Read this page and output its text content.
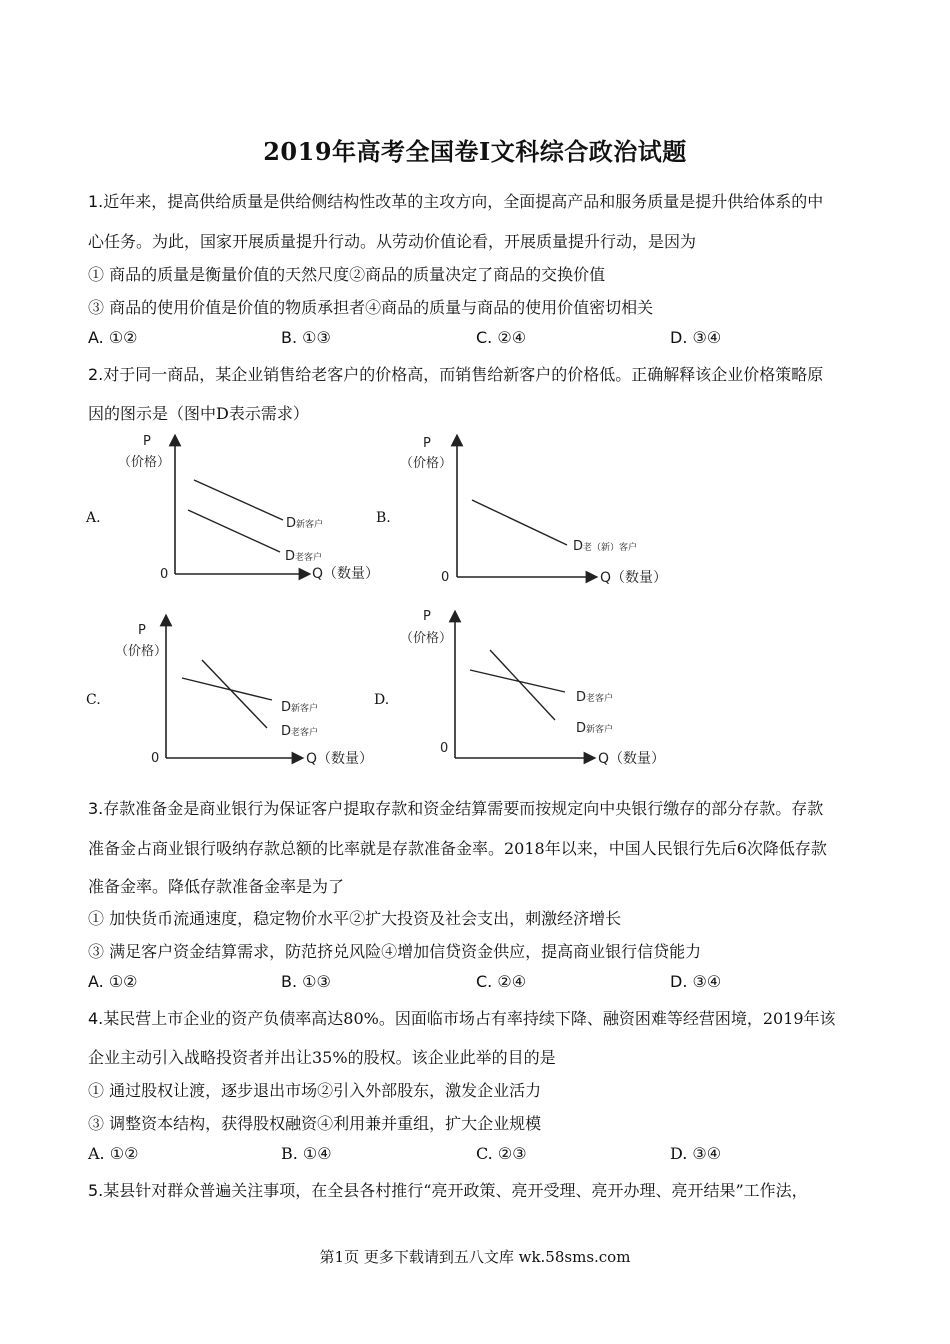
2019年高考全国卷Ⅰ文科综合政治试题
1.近年来，提高供给质量是供给侧结构性改革的主攻方向，全面提高产品和服务质量是提升供给体系的中
心任务。为此，国家开展质量提升行动。从劳动价值论看，开展质量提升行动，是因为
① 商品的质量是衡量价值的天然尺度②商品的质量决定了商品的交换价值
③ 商品的使用价值是价值的物质承担者④商品的质量与商品的使用价值密切相关
A. ①②	B. ①③	C. ②④	D. ③④
2.对于同一商品，某企业销售给老客户的价格高，而销售给新客户的价格低。正确解释该企业价格策略原
因的图示是（图中D表示需求）
A.	B.
C.	D.
P
（价格）
0	Q（数量）
D新客户
D老客户
P
（价格）
0	Q（数量）
D老（新）客户
P
（价格）
0	Q（数量）
D新客户
D老客户
P
（价格）
0
Q（数量）
D老客户
D新客户
3.存款准备金是商业银行为保证客户提取存款和资金结算需要而按规定向中央银行缴存的部分存款。存款
准备金占商业银行吸纳存款总额的比率就是存款准备金率。2018年以来，中国人民银行先后6次降低存款
准备金率。降低存款准备金率是为了
① 加快货币流通速度，稳定物价水平②扩大投资及社会支出，刺激经济增长
③ 满足客户资金结算需求，防范挤兑风险④增加信贷资金供应，提高商业银行信贷能力
A. ①②	B. ①③	C. ②④	D. ③④
4.某民营上市企业的资产负债率高达80%。因面临市场占有率持续下降、融资困难等经营困境，2019年该
企业主动引入战略投资者并出让35%的股权。该企业此举的目的是
① 通过股权让渡，逐步退出市场②引入外部股东，激发企业活力
③ 调整资本结构，获得股权融资④利用兼并重组，扩大企业规模
A. ①②	B. ①④	C. ②③	D. ③④
5.某县针对群众普遍关注事项，在全县各村推行“亮开政策、亮开受理、亮开办理、亮开结果”工作法，
第1页 更多下载请到五八文库 wk.58sms.com
